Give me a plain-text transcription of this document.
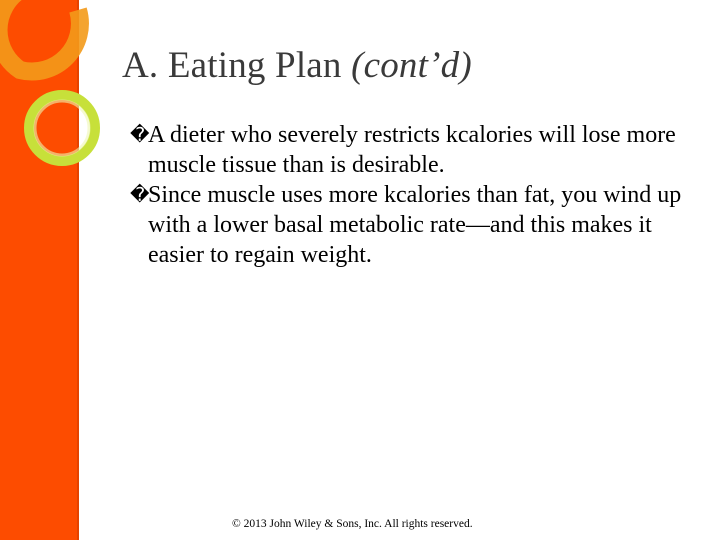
A. Eating Plan (cont’d)
�
A dieter who severely restricts kcalories will lose more muscle tissue than is desirable.
�
Since muscle uses more kcalories than fat, you wind up with a lower basal metabolic rate—and this makes it easier to regain weight.
© 2013 John Wiley & Sons, Inc. All rights reserved.
